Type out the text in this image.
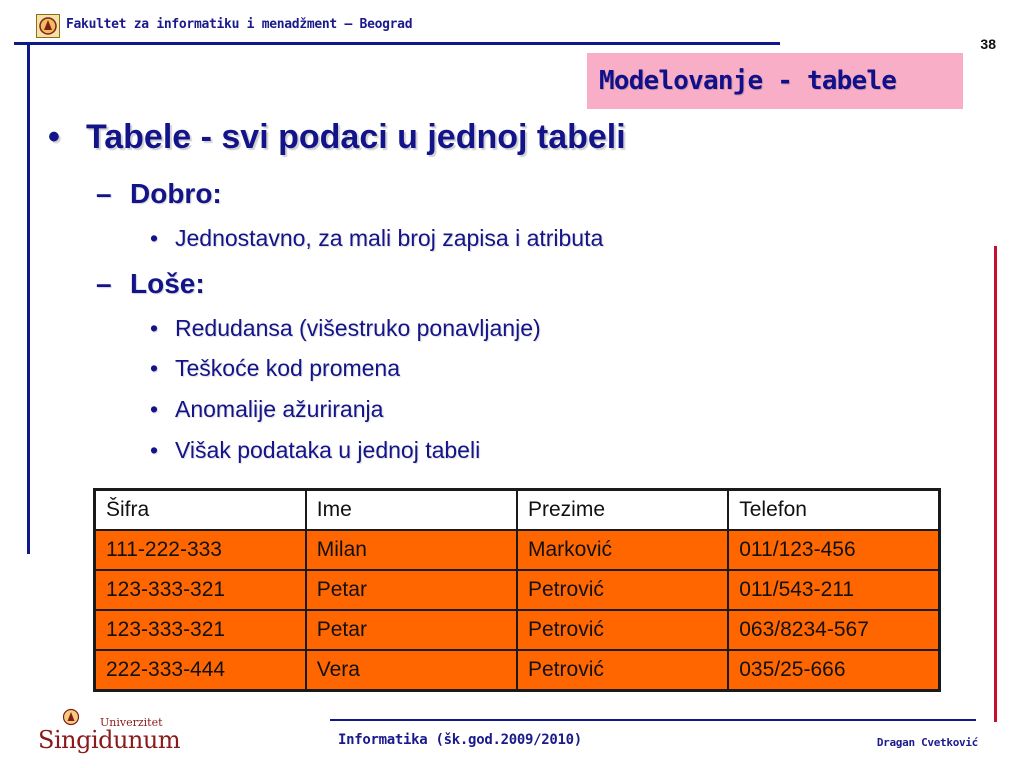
Fakultet za informatiku i menadžment – Beograd
38
Modelovanje - tabele
• Tabele - svi podaci u jednoj tabeli
– Dobro:
• Jednostavno, za mali broj zapisa i atributa
– Loše:
• Redudansa (višestruko ponavljanje)
• Teškoće kod promena
• Anomalije ažuriranja
• Višak podataka u jednoj tabeli
Šifra	Ime	Prezime	Telefon
111-222-333	Milan	Marković	011/123-456
123-333-321	Petar	Petrović	011/543-211
123-333-321	Petar	Petrović	063/8234-567
222-333-444	Vera	Petrović	035/25-666
Univerzitet
Singidunum	Informatika (šk.god.2009/2010)	Dragan Cvetković
